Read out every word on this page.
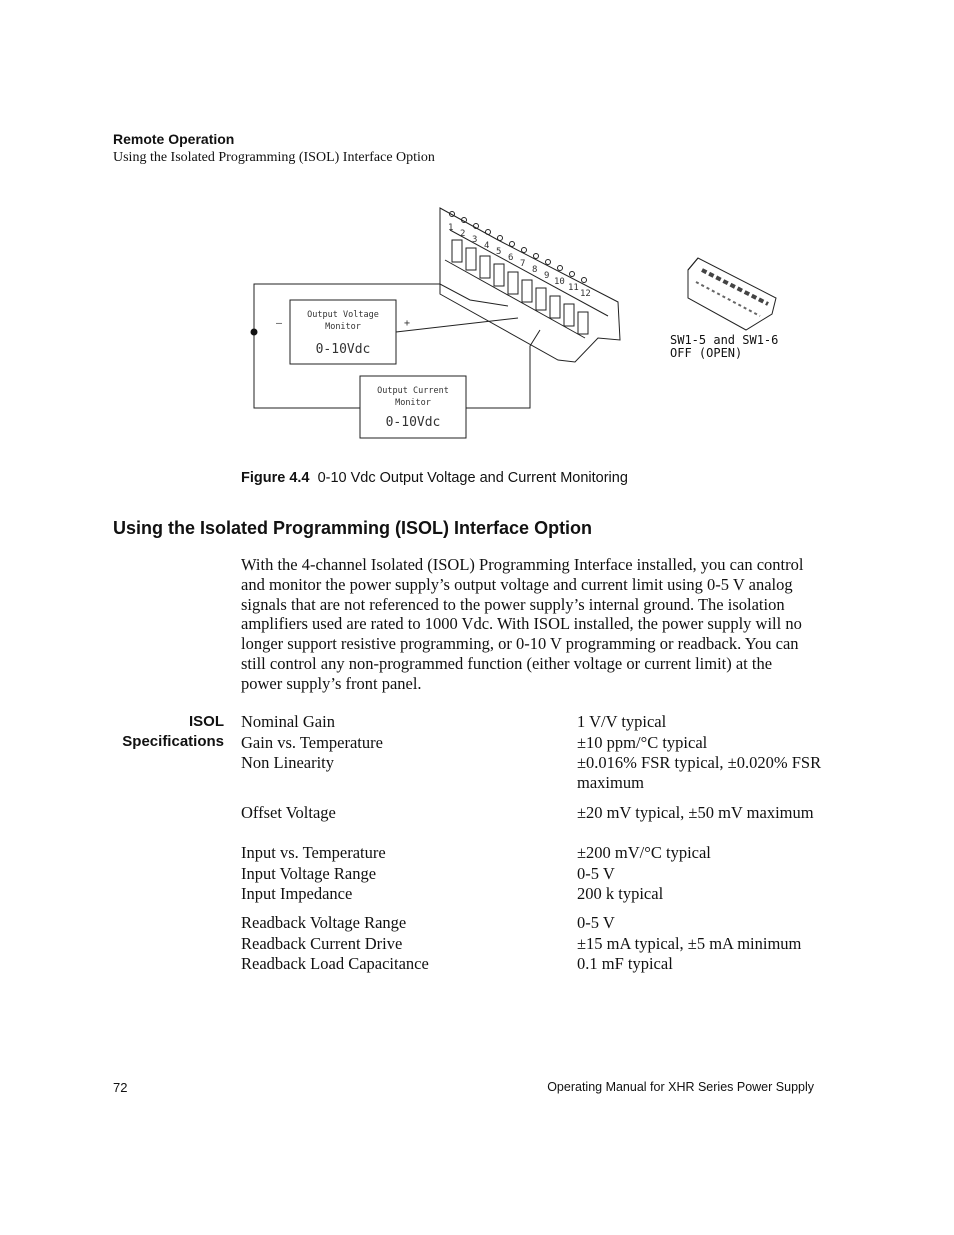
Remote Operation
Using the Isolated Programming (ISOL) Interface Option
1
2
3
4
5
6
7
8
9
10
11
12
Output Voltage
Monitor
0-10Vdc
—	+
Output Current
Monitor
0-10Vdc
SW1-5 and SW1-6
OFF (OPEN)
Figure 4.4 0-10 Vdc Output Voltage and Current Monitoring
Using the Isolated Programming (ISOL) Interface Option
With the 4-channel Isolated (ISOL) Programming Interface installed, you can control and monitor the power supply’s output voltage and current limit using 0-5 V analog signals that are not referenced to the power supply’s internal ground. The isolation amplifiers used are rated to 1000 Vdc. With ISOL installed, the power supply will no longer support resistive programming, or 0-10 V programming or readback. You can still control any non-programmed function (either voltage or current limit) at the power supply’s front panel.
ISOL
Specifications
Nominal Gain	1 V/V typical
Gain vs. Temperature	±10 ppm/°C typical
Non Linearity	±0.016% FSR typical, ±0.020% FSR maximum
Offset Voltage	±20 mV typical, ±50 mV maximum
Input vs. Temperature	±200 mV/°C typical
Input Voltage Range	0-5 V
Input Impedance	200 k typical
Readback Voltage Range	0-5 V
Readback Current Drive	±15 mA typical, ±5 mA minimum
Readback Load Capacitance	0.1 mF typical
72	Operating Manual for XHR Series Power Supply
